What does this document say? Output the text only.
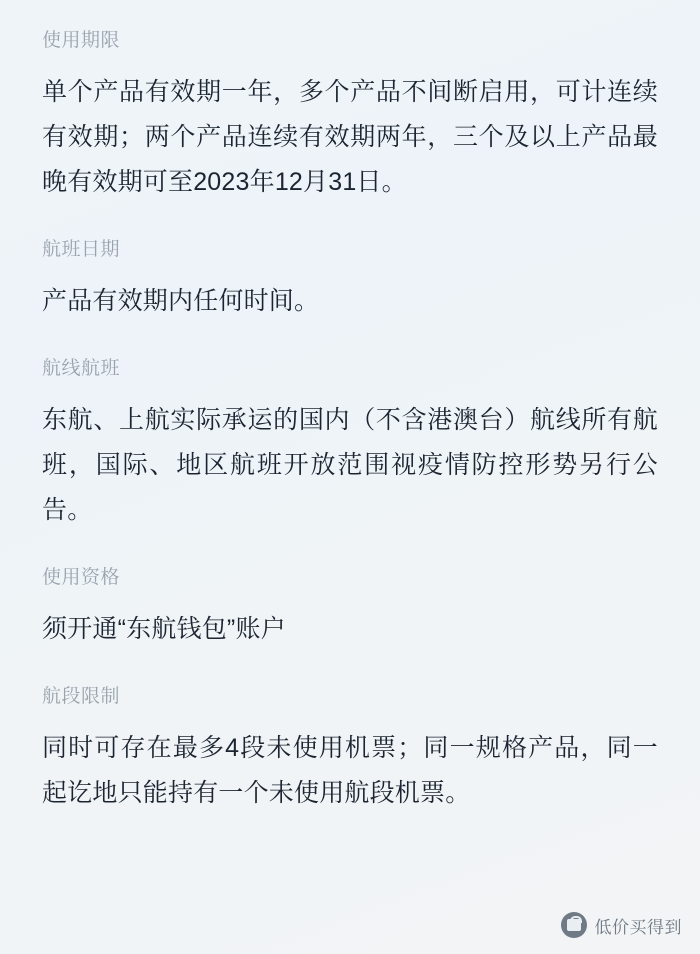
使用期限
单个产品有效期一年，多个产品不间断启用，可计连续有效期；两个产品连续有效期两年，三个及以上产品最晚有效期可至2023年12月31日。
航班日期
产品有效期内任何时间。
航线航班
东航、上航实际承运的国内（不含港澳台）航线所有航班，国际、地区航班开放范围视疫情防控形势另行公告。
使用资格
须开通“东航钱包”账户
航段限制
同时可存在最多4段未使用机票；同一规格产品，同一起讫地只能持有一个未使用航段机票。
低价买得到
